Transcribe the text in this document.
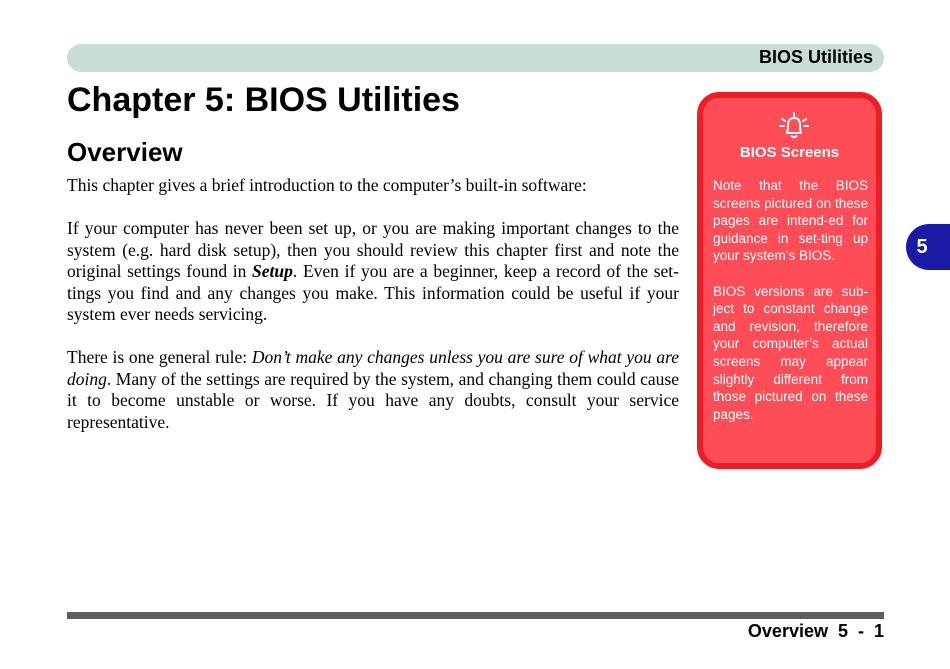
BIOS Utilities
Chapter 5: BIOS Utilities
Overview

This chapter gives a brief introduction to the computer’s built-in software:

If your computer has never been set up, or you are making important changes to the system (e.g. hard disk setup), then you should review this chapter first and note the original settings found in Setup. Even if you are a beginner, keep a record of the set-tings you find and any changes you make. This information could be useful if your system ever needs servicing.

There is one general rule: Don’t make any changes unless you are sure of what you are doing. Many of the settings are required by the system, and changing them could cause it to become unstable or worse. If you have any doubts, consult your service representative.

BIOS Screens

Note that the BIOS screens pictured on these pages are intend-ed for guidance in set-ting up your system’s BIOS.

BIOS versions are sub-ject to constant change and revision, therefore your computer’s actual screens may appear slightly different from those pictured on these pages.

5
Overview  5  -  1
